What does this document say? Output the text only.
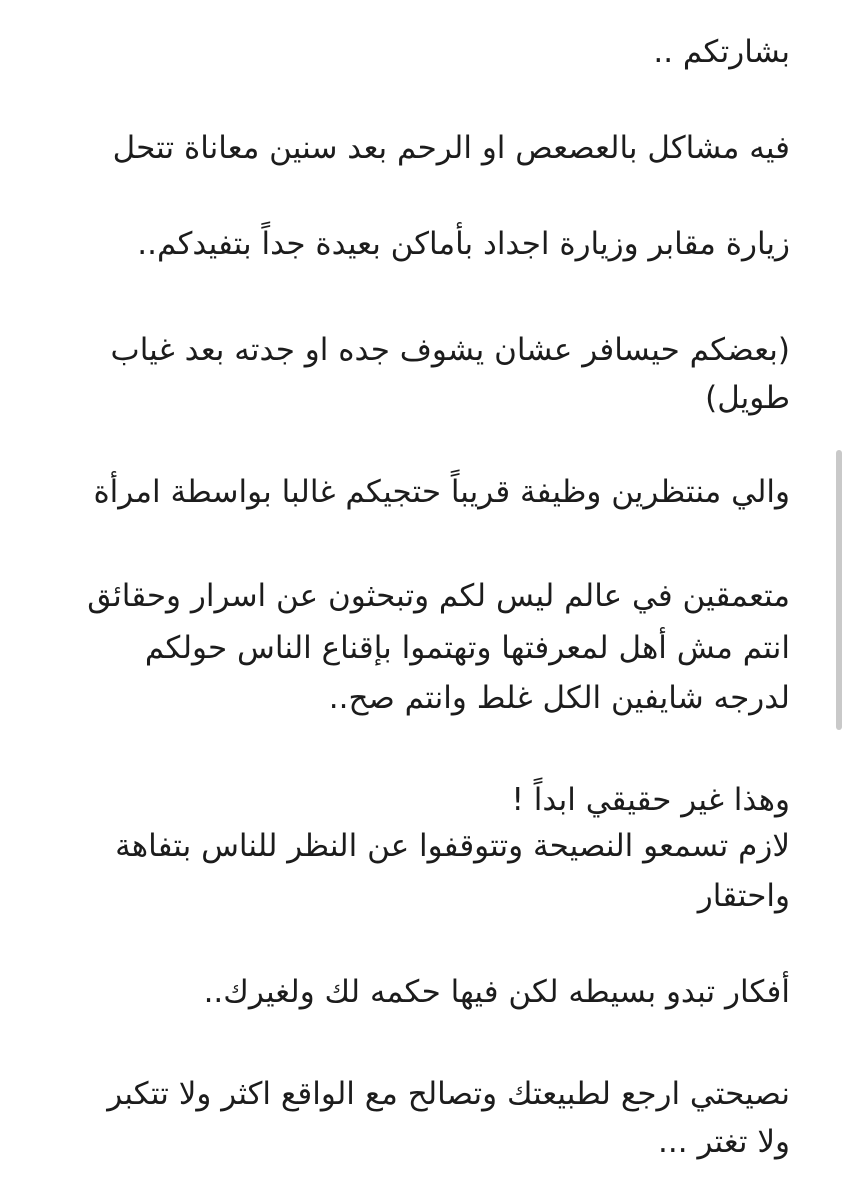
بشارتكم ..
فيه مشاكل بالعصعص او الرحم بعد سنين معاناة تتحل
زيارة مقابر وزيارة اجداد بأماكن بعيدة جداً بتفيدكم..
(بعضكم حيسافر عشان يشوف جده او جدته بعد غياب
طويل)
والي منتظرين وظيفة قريباً حتجيكم غالبا بواسطة امرأة
متعمقين في عالم ليس لكم وتبحثون عن اسرار وحقائق
انتم مش أهل لمعرفتها وتهتموا بإقناع الناس حولكم
لدرجه شايفين الكل غلط وانتم صح..
وهذا غير حقيقي ابداً !
لازم تسمعو النصيحة وتتوقفوا عن النظر للناس بتفاهة
واحتقار
أفكار تبدو بسيطه لكن فيها حكمه لك ولغيرك..
نصيحتي ارجع لطبيعتك وتصالح مع الواقع اكثر ولا تتكبر
ولا تغتر ...
